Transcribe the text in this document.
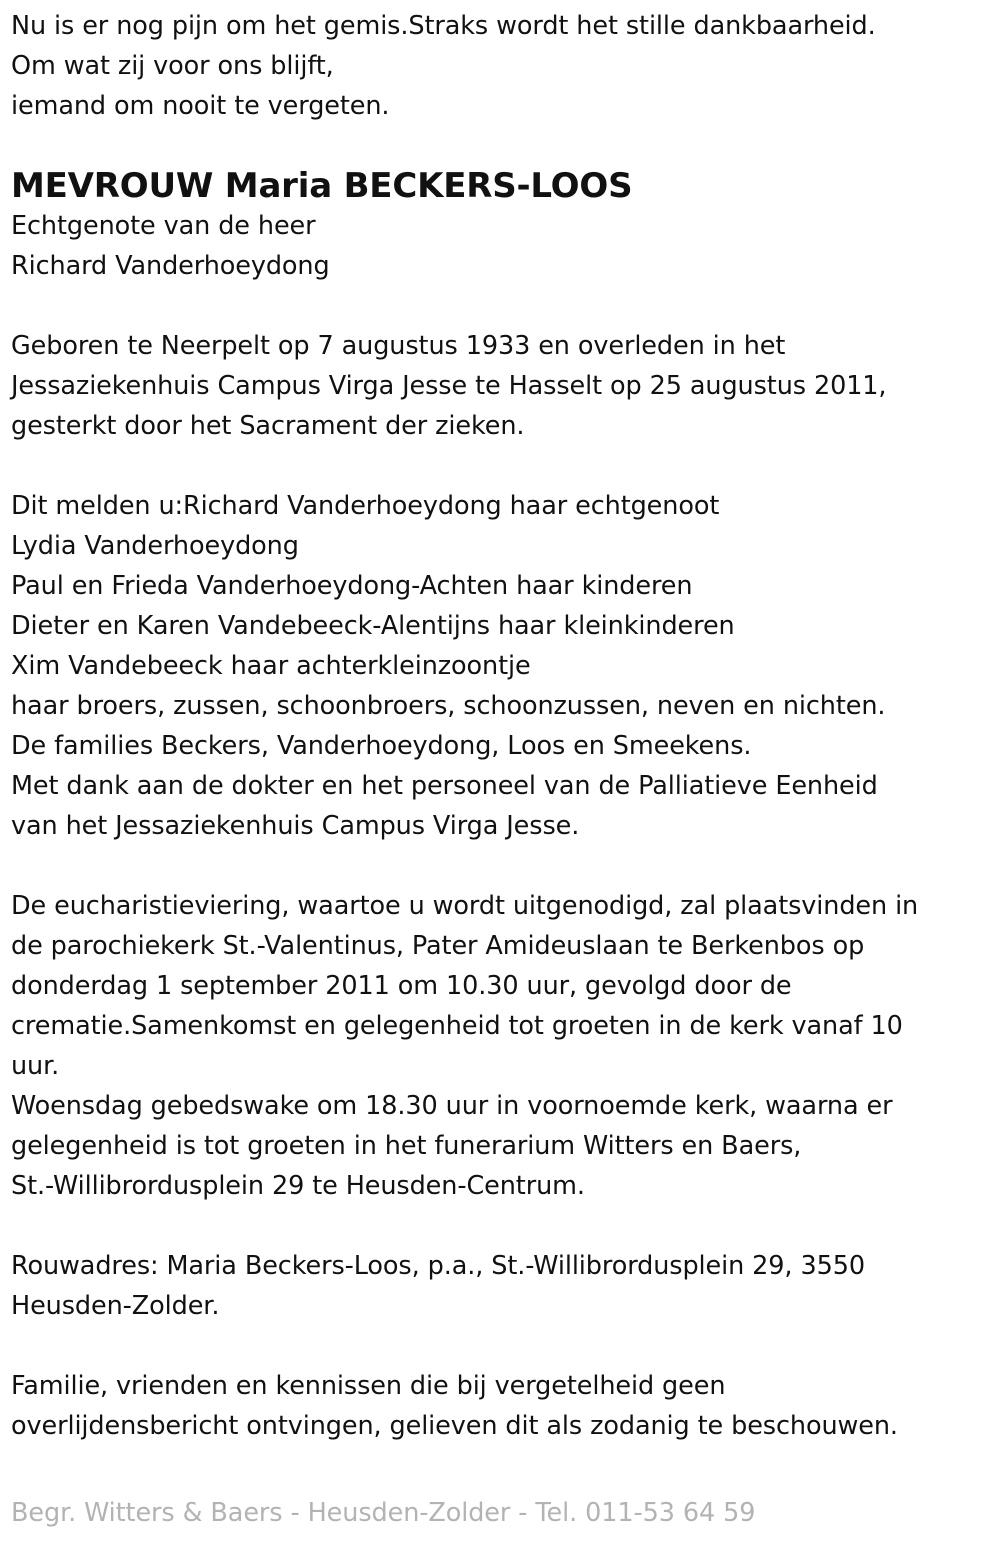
Nu is er nog pijn om het gemis.Straks wordt het stille dankbaarheid.
Om wat zij voor ons blijft,
iemand om nooit te vergeten.
MEVROUW Maria BECKERS-LOOS
Echtgenote van de heer
Richard Vanderhoeydong
Geboren te Neerpelt op 7 augustus 1933 en overleden in het
Jessaziekenhuis Campus Virga Jesse te Hasselt op 25 augustus 2011,
gesterkt door het Sacrament der zieken.
Dit melden u:Richard Vanderhoeydong haar echtgenoot
Lydia Vanderhoeydong
Paul en Frieda Vanderhoeydong-Achten haar kinderen
Dieter en Karen Vandebeeck-Alentijns haar kleinkinderen
Xim Vandebeeck haar achterkleinzoontje
haar broers, zussen, schoonbroers, schoonzussen, neven en nichten.
De families Beckers, Vanderhoeydong, Loos en Smeekens.
Met dank aan de dokter en het personeel van de Palliatieve Eenheid
van het Jessaziekenhuis Campus Virga Jesse.
De eucharistieviering, waartoe u wordt uitgenodigd, zal plaatsvinden in
de parochiekerk St.-Valentinus, Pater Amideuslaan te Berkenbos op
donderdag 1 september 2011 om 10.30 uur, gevolgd door de
crematie.Samenkomst en gelegenheid tot groeten in de kerk vanaf 10
uur.
Woensdag gebedswake om 18.30 uur in voornoemde kerk, waarna er
gelegenheid is tot groeten in het funerarium Witters en Baers,
St.-Willibrordusplein 29 te Heusden-Centrum.
Rouwadres: Maria Beckers-Loos, p.a., St.-Willibrordusplein 29, 3550
Heusden-Zolder.
Familie, vrienden en kennissen die bij vergetelheid geen
overlijdensbericht ontvingen, gelieven dit als zodanig te beschouwen.
Begr. Witters & Baers - Heusden-Zolder - Tel. 011-53 64 59
